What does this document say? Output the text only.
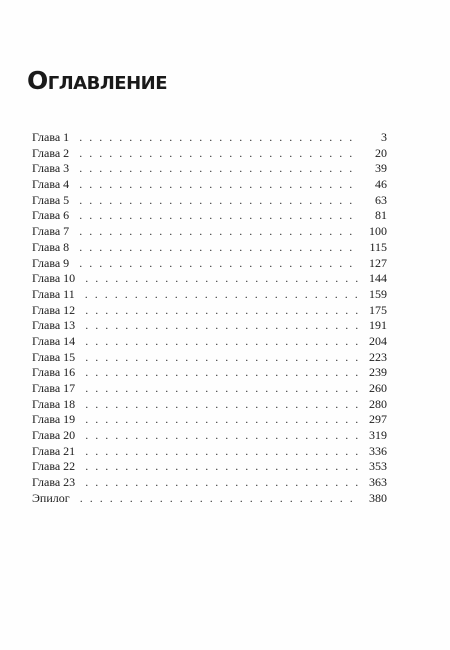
Оглавление
Глава 1 . . .	3
Глава 2 . . .	20
Глава 3 . . .	39
Глава 4 . . .	46
Глава 5 . . .	63
Глава 6 . . .	81
Глава 7 . . .	100
Глава 8 . . .	115
Глава 9 . . .	127
Глава 10 . . .	144
Глава 11 . . .	159
Глава 12 . . .	175
Глава 13 . . .	191
Глава 14 . . .	204
Глава 15 . . .	223
Глава 16 . . .	239
Глава 17 . . .	260
Глава 18 . . .	280
Глава 19 . . .	297
Глава 20 . . .	319
Глава 21 . . .	336
Глава 22 . . .	353
Глава 23 . . .	363
Эпилог . . .	380
